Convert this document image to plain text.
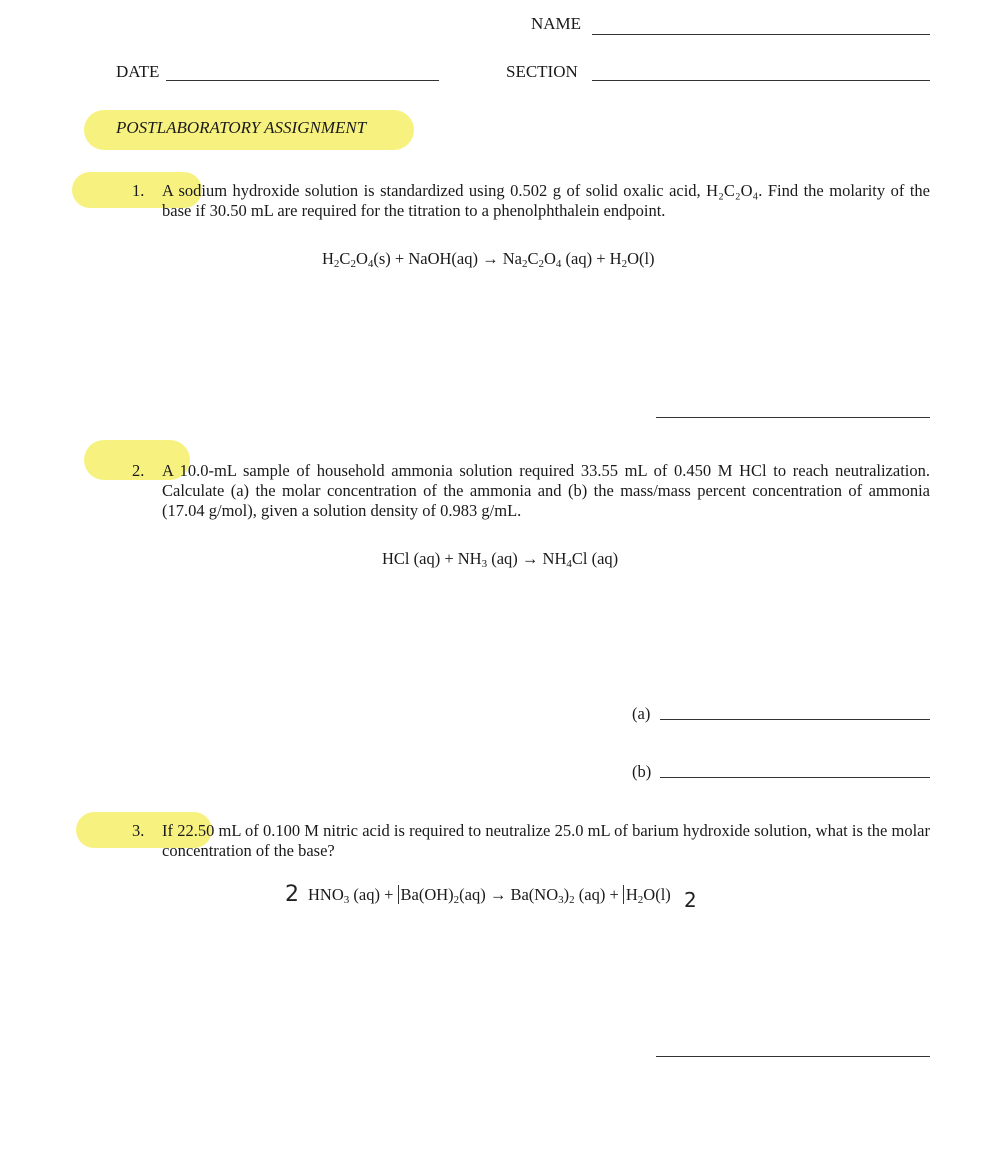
NAME
DATE	SECTION
POSTLABORATORY ASSIGNMENT
1. A sodium hydroxide solution is standardized using 0.502 g of solid oxalic acid, H₂C₂O₄. Find the molarity of the base if 30.50 mL are required for the titration to a phenolphthalein endpoint.
$H_2C_2O_4(s)$ + NaOH(aq) → $Na_2C_2O_4$ $(aq) + H_2O(l)$
2. A 10.0-mL sample of household ammonia solution required 33.55 mL of 0.450 M HCl to reach neutralization. Calculate (a) the molar concentration of the ammonia and (b) the mass/mass percent concentration of ammonia (17.04 g/mol), given a solution density of 0.983 g/mL.
HCl $(aq) + NH_3$ $(aq) \to NH_4Cl$ (aq)
(a)
(b)
3. If 22.50 mL of 0.100 M nitric acid is required to neutralize 25.0 mL of barium hydroxide solution, what is the molar concentration of the base?
2 $HNO_3$ $(aq) + Ba(OH)_2(aq) \to Ba(NO_3)_2$ $(aq) + H_2O(l)$ 2
